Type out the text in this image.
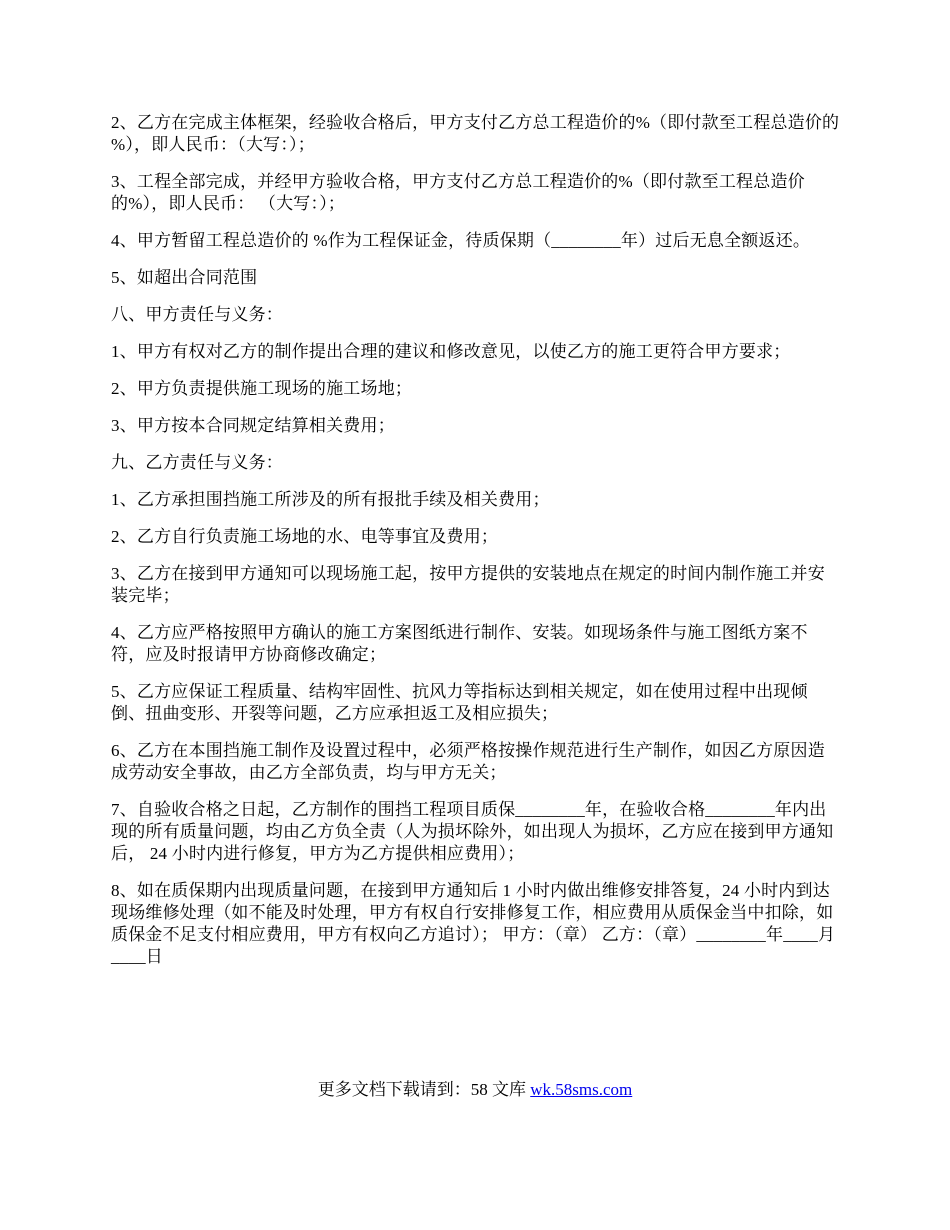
2、乙方在完成主体框架，经验收合格后，甲方支付乙方总工程造价的%（即付款至工程总造价的 %），即人民币：（大写：）；

3、工程全部完成，并经甲方验收合格，甲方支付乙方总工程造价的%（即付款至工程总造价的%），即人民币： （大写：）；

4、甲方暂留工程总造价的 %作为工程保证金，待质保期（________年）过后无息全额返还。

5、如超出合同范围

八、甲方责任与义务：

1、甲方有权对乙方的制作提出合理的建议和修改意见，以使乙方的施工更符合甲方要求；

2、甲方负责提供施工现场的施工场地；

3、甲方按本合同规定结算相关费用；

九、乙方责任与义务：

1、乙方承担围挡施工所涉及的所有报批手续及相关费用；

2、乙方自行负责施工场地的水、电等事宜及费用；

3、乙方在接到甲方通知可以现场施工起，按甲方提供的安装地点在规定的时间内制作施工并安装完毕；

4、乙方应严格按照甲方确认的施工方案图纸进行制作、安装。如现场条件与施工图纸方案不符，应及时报请甲方协商修改确定；

5、乙方应保证工程质量、结构牢固性、抗风力等指标达到相关规定，如在使用过程中出现倾倒、扭曲变形、开裂等问题，乙方应承担返工及相应损失；

6、乙方在本围挡施工制作及设置过程中，必须严格按操作规范进行生产制作，如因乙方原因造成劳动安全事故，由乙方全部负责，均与甲方无关；

7、自验收合格之日起，乙方制作的围挡工程项目质保________年，在验收合格________年内出现的所有质量问题，均由乙方负全责（人为损坏除外，如出现人为损坏，乙方应在接到甲方通知后， 24 小时内进行修复，甲方为乙方提供相应费用）；

8、如在质保期内出现质量问题，在接到甲方通知后 1 小时内做出维修安排答复，24 小时内到达现场维修处理（如不能及时处理，甲方有权自行安排修复工作，相应费用从质保金当中扣除，如质保金不足支付相应费用，甲方有权向乙方追讨）； 甲方：（章） 乙方：（章）________年____月____日

更多文档下载请到：58 文库 wk.58sms.com
